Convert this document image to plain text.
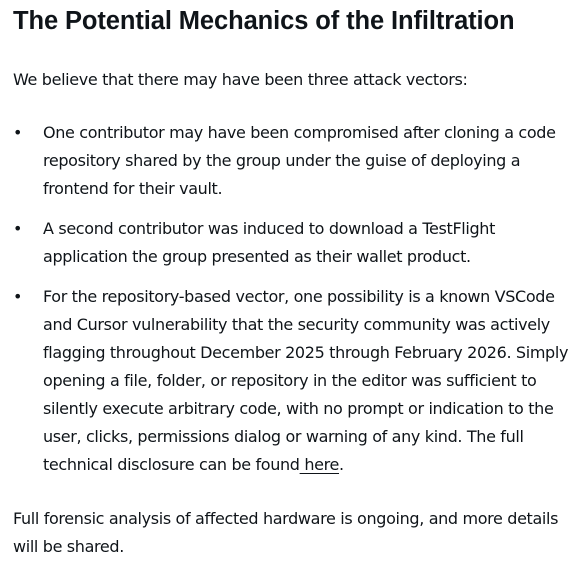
The Potential Mechanics of the Infiltration

We believe that there may have been three attack vectors:

• One contributor may have been compromised after cloning a code repository shared by the group under the guise of deploying a frontend for their vault.
• A second contributor was induced to download a TestFlight application the group presented as their wallet product.
• For the repository-based vector, one possibility is a known VSCode and Cursor vulnerability that the security community was actively flagging throughout December 2025 through February 2026. Simply opening a file, folder, or repository in the editor was sufficient to silently execute arbitrary code, with no prompt or indication to the user, clicks, permissions dialog or warning of any kind. The full technical disclosure can be found here.

Full forensic analysis of affected hardware is ongoing, and more details will be shared.
